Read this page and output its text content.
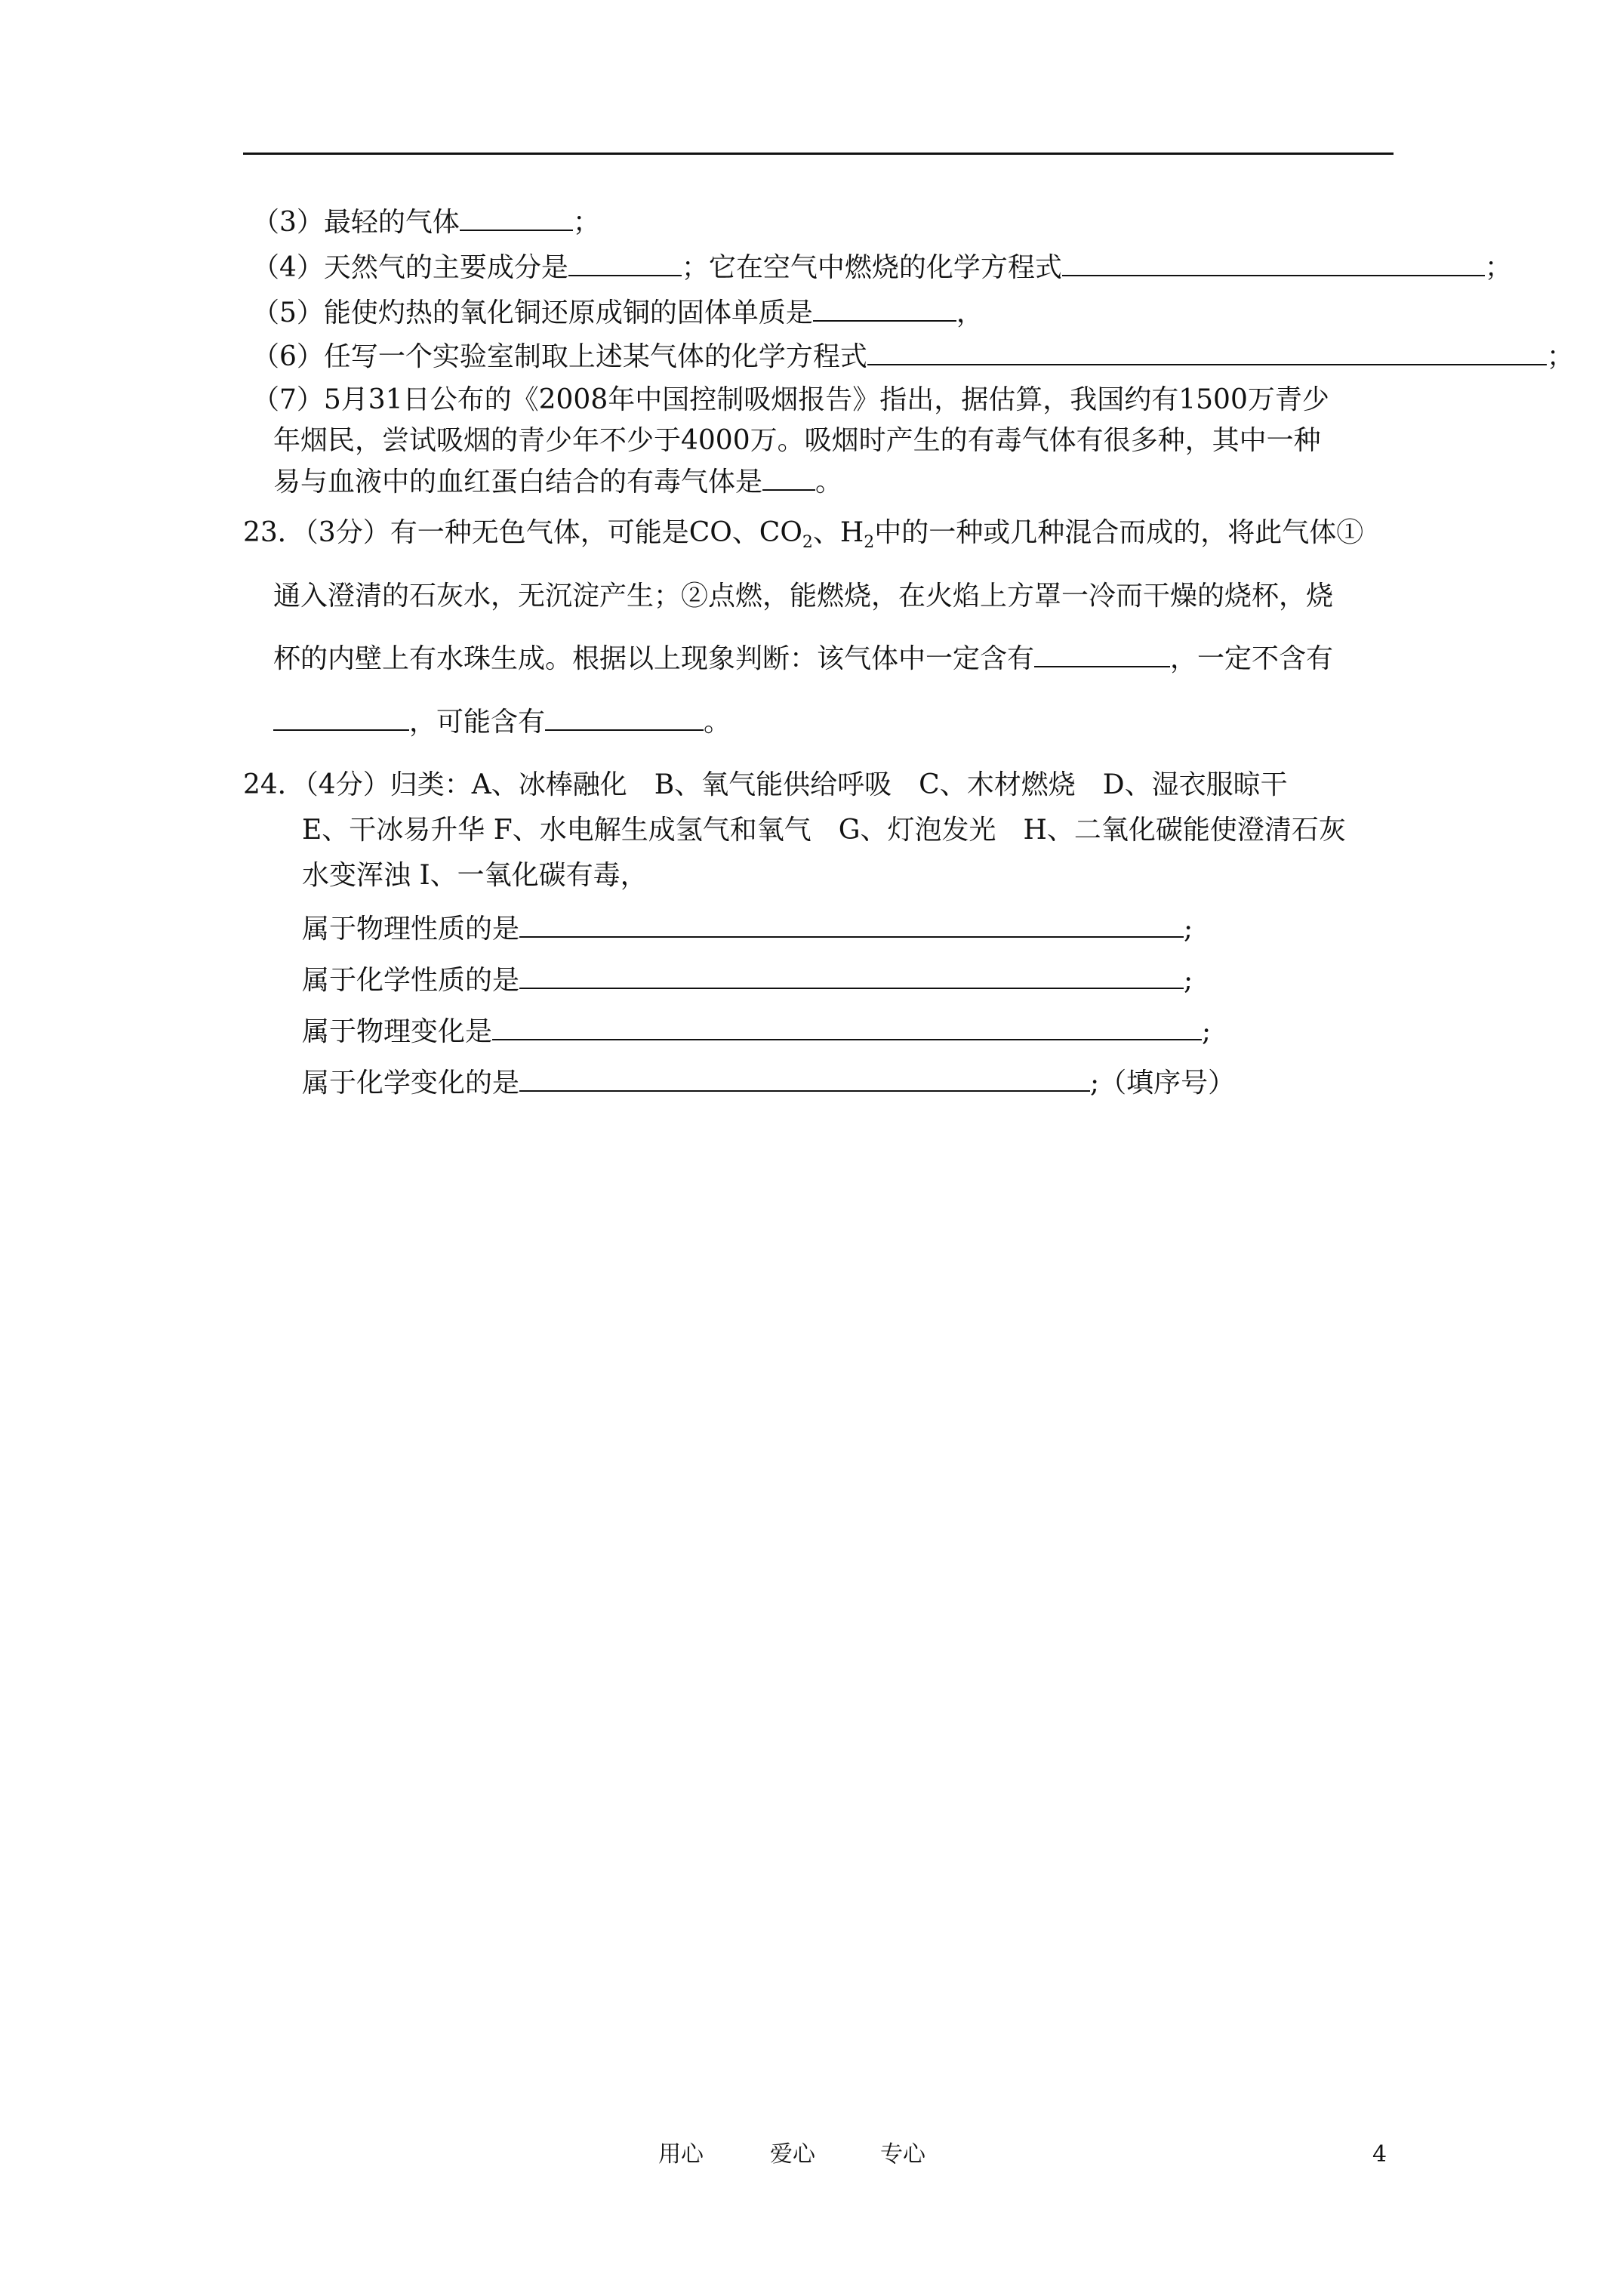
（3）最轻的气体	；
（4）天然气的主要成分是	；它在空气中燃烧的化学方程式	；
（5）能使灼热的氧化铜还原成铜的固体单质是	，
（6）任写一个实验室制取上述某气体的化学方程式	；
（7）5月31日公布的《2008年中国控制吸烟报告》指出，据估算，我国约有1500万青少
年烟民，尝试吸烟的青少年不少于4000万。吸烟时产生的有毒气体有很多种，其中一种
易与血液中的血红蛋白结合的有毒气体是 。
23．（3分）有一种无色气体，可能是CO、$CO_2$、$H_2$中的一种或几种混合而成的，将此气体①
通入澄清的石灰水，无沉淀产生；②点燃，能燃烧，在火焰上方罩一冷而干燥的烧杯，烧
杯的内壁上有水珠生成。根据以上现象判断：该气体中一定含有	，一定不含有
，可能含有	。
24．（4分）归类：A、冰棒融化　B、氧气能供给呼吸　C、木材燃烧　D、湿衣服晾干
E、干冰易升华 F、水电解生成氢气和氧气　G、灯泡发光　H、二氧化碳能使澄清石灰
水变浑浊 I、一氧化碳有毒，
属于物理性质的是	;
属于化学性质的是	;
属于物理变化是	;
属于化学变化的是	;（填序号）
用心	爱心	专心	4
